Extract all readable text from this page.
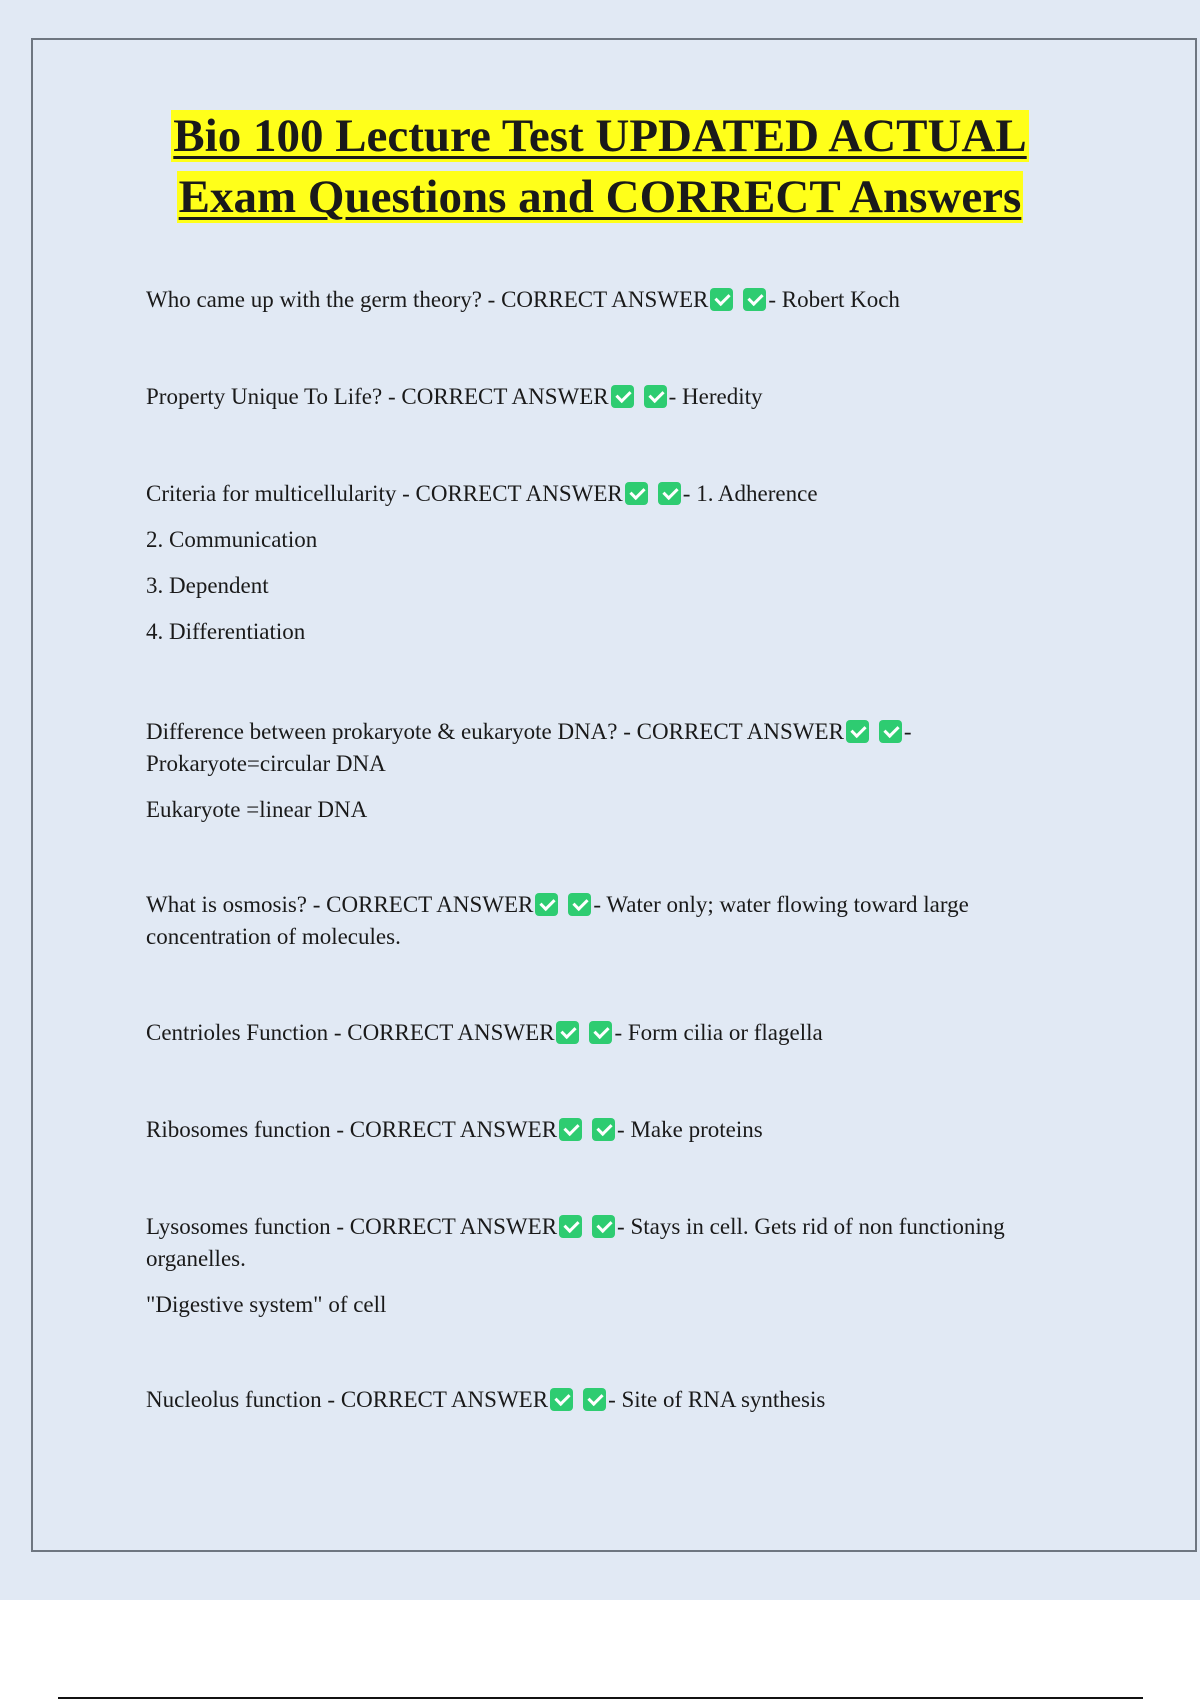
Bio 100 Lecture Test UPDATED ACTUAL
Exam Questions and CORRECT Answers

Who came up with the germ theory? - CORRECT ANSWER	- Robert Koch

Property Unique To Life? - CORRECT ANSWER	- Heredity

Criteria for multicellularity - CORRECT ANSWER	- 1. Adherence

2. Communication

3. Dependent

4. Differentiation

Difference between prokaryote & eukaryote DNA? - CORRECT ANSWER	- Prokaryote=circular DNA

Eukaryote =linear DNA

What is osmosis? - CORRECT ANSWER	- Water only; water flowing toward large concentration of molecules.

Centrioles Function - CORRECT ANSWER	- Form cilia or flagella

Ribosomes function - CORRECT ANSWER	- Make proteins

Lysosomes function - CORRECT ANSWER	- Stays in cell. Gets rid of non functioning organelles.

"Digestive system" of cell

Nucleolus function - CORRECT ANSWER	- Site of RNA synthesis
